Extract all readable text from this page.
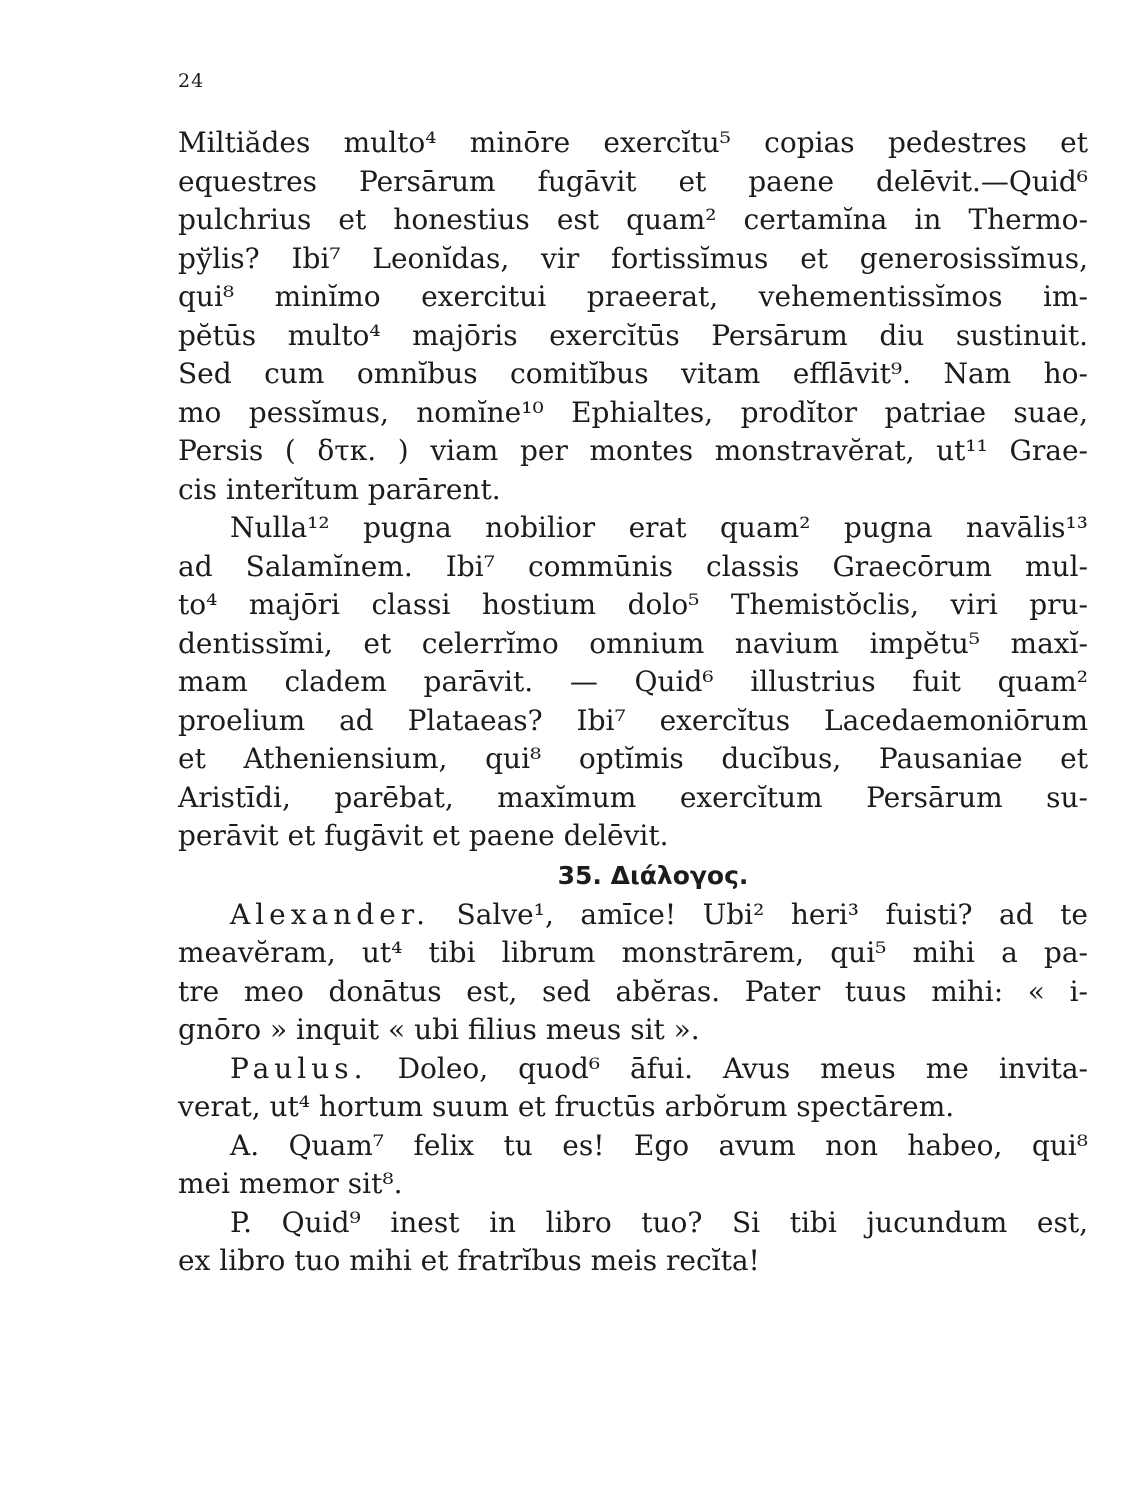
24
Miltiădes multo⁴ minōre exercĭtu⁵ copias pedestres et
equestres Persārum fugāvit et paene delēvit.—Quid⁶
pulchrius et honestius est quam² certamĭna in Thermo-
pўlis? Ibi⁷ Leonĭdas, vir fortissĭmus et generosissĭmus,
qui⁸ minĭmo exercitui praeerat, vehementissĭmos im-
pĕtūs multo⁴ majōris exercĭtūs Persārum diu sustinuit.
Sed cum omnĭbus comitĭbus vitam efflāvit⁹. Nam ho-
mo pessĭmus, nomĭne¹⁰ Ephialtes, prodĭtor patriae suae,
Persis ( δτκ. ) viam per montes monstravĕrat, ut¹¹ Grae-
cis interĭtum parārent.
Nulla¹² pugna nobilior erat quam² pugna navālis¹³
ad Salamĭnem. Ibi⁷ commūnis classis Graecōrum mul-
to⁴ majōri classi hostium dolo⁵ Themistŏclis, viri pru-
dentissĭmi, et celerrĭmo omnium navium impĕtu⁵ maxĭ-
mam cladem parāvit. — Quid⁶ illustrius fuit quam²
proelium ad Plataeas? Ibi⁷ exercĭtus Lacedaemoniōrum
et Atheniensium, qui⁸ optĭmis ducĭbus, Pausaniae et
Aristīdi, parēbat, maxĭmum exercĭtum Persārum su-
perāvit et fugāvit et paene delēvit.
35. Διάλογος.
Alexander. Salve¹, amīce! Ubi² heri³ fuisti? ad te
meavĕram, ut⁴ tibi librum monstrārem, qui⁵ mihi a pa-
tre meo donātus est, sed abĕras. Pater tuus mihi: « i-
gnōro » inquit « ubi filius meus sit ».
Paulus. Doleo, quod⁶ āfui. Avus meus me invita-
verat, ut⁴ hortum suum et fructūs arbŏrum spectārem.
A. Quam⁷ felix tu es! Ego avum non habeo, qui⁸
mei memor sit⁸.
P. Quid⁹ inest in libro tuo? Si tibi jucundum est,
ex libro tuo mihi et fratrĭbus meis recĭta!
